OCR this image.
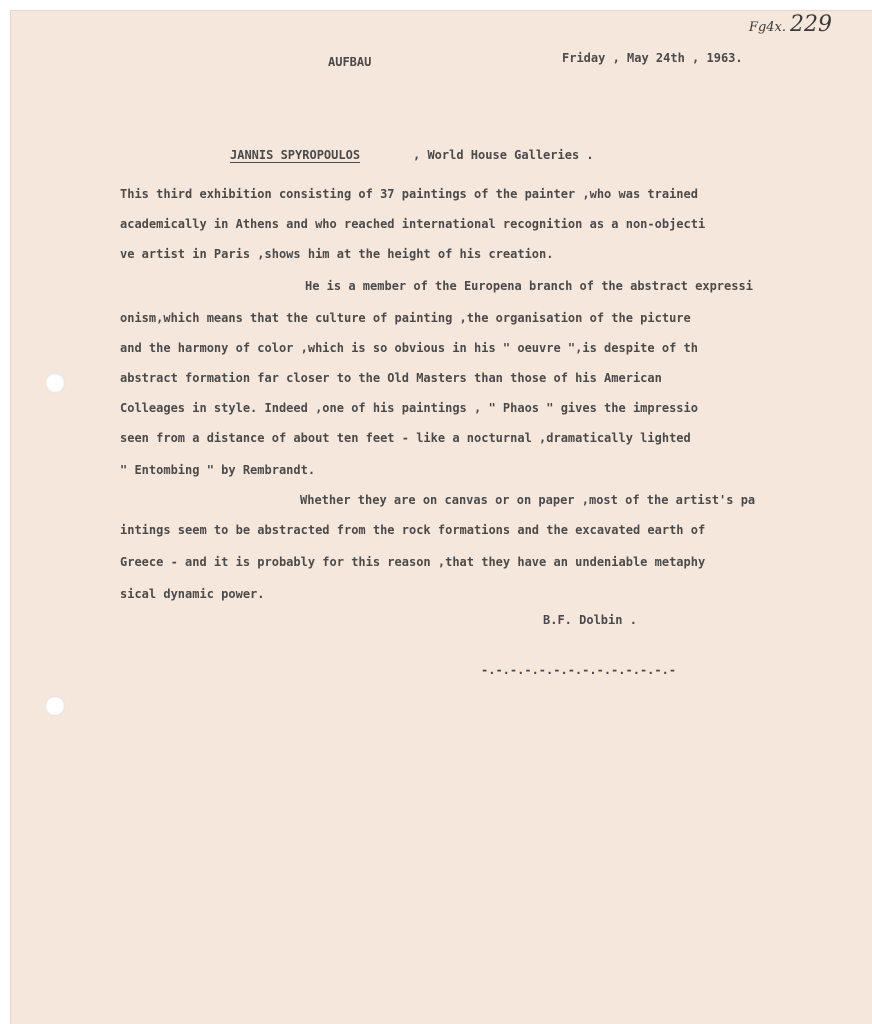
Fg4x. 229
AUFBAU	Friday , May 24th , 1963.
JANNIS SPYROPOULOS	, World House Galleries .
This third exhibition consisting of 37 paintings of the painter ,who was trained
academically in Athens and who reached international recognition as a non-objecti
ve artist in Paris ,shows him at the height of his creation.
He is a member of the Europena branch of the abstract expressi
onism,which means that the culture of painting ,the organisation of the picture
and the harmony of color ,which is so obvious in his " oeuvre ",is despite of th
abstract formation far closer to the Old Masters than those of his American
Colleages in style. Indeed ,one of his paintings , " Phaos " gives the impressio
seen from a distance of about ten feet - like a nocturnal ,dramatically lighted
" Entombing " by Rembrandt.
Whether they are on canvas or on paper ,most of the artist's pa
intings seem to be abstracted from the rock formations and the excavated earth of
Greece - and it is probably for this reason ,that they have an undeniable metaphy
sical dynamic power.
B.F. Dolbin .
-.-.-.-.-.-.-.-.-.-.-.-.-.-
